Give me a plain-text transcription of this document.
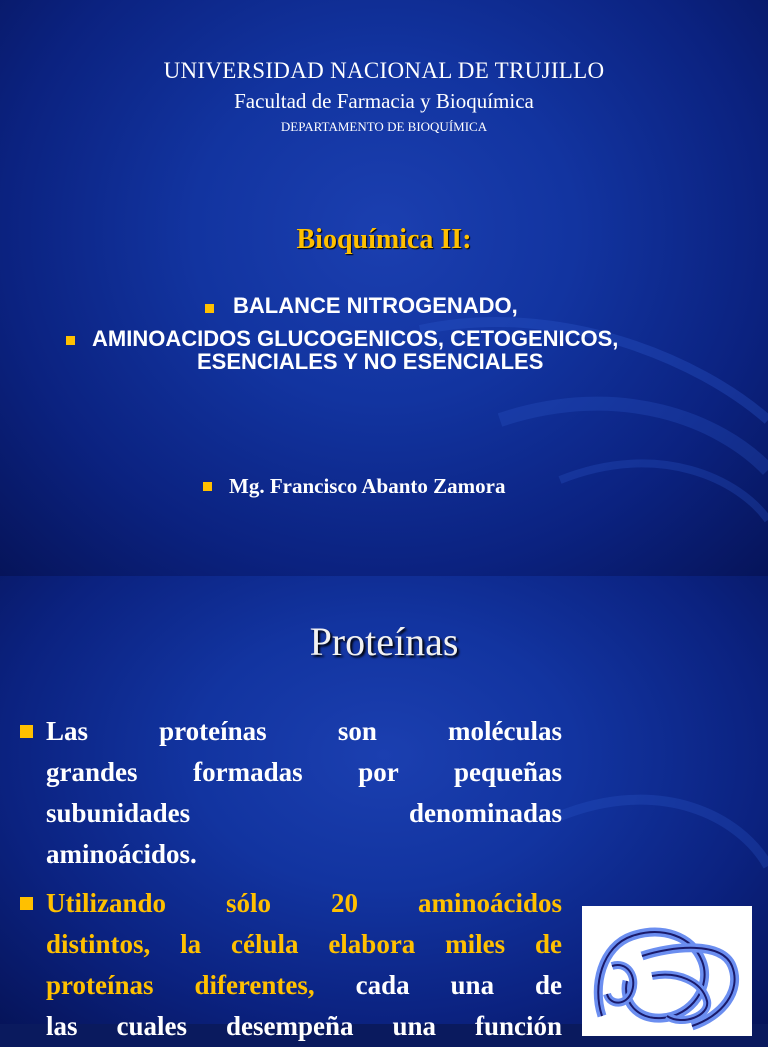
UNIVERSIDAD NACIONAL DE TRUJILLO
Facultad de Farmacia y Bioquímica
DEPARTAMENTO DE BIOQUÍMICA
Bioquímica II:
BALANCE NITROGENADO,
AMINOACIDOS GLUCOGENICOS, CETOGENICOS,
ESENCIALES Y NO ESENCIALES
Mg. Francisco Abanto Zamora
Proteínas
Las proteínas son moléculas
grandes formadas por pequeñas
subunidades denominadas
aminoácidos.
Utilizando sólo 20 aminoácidos
distintos, la célula elabora miles de
proteínas diferentes, cada una de
las cuales desempeña una función
